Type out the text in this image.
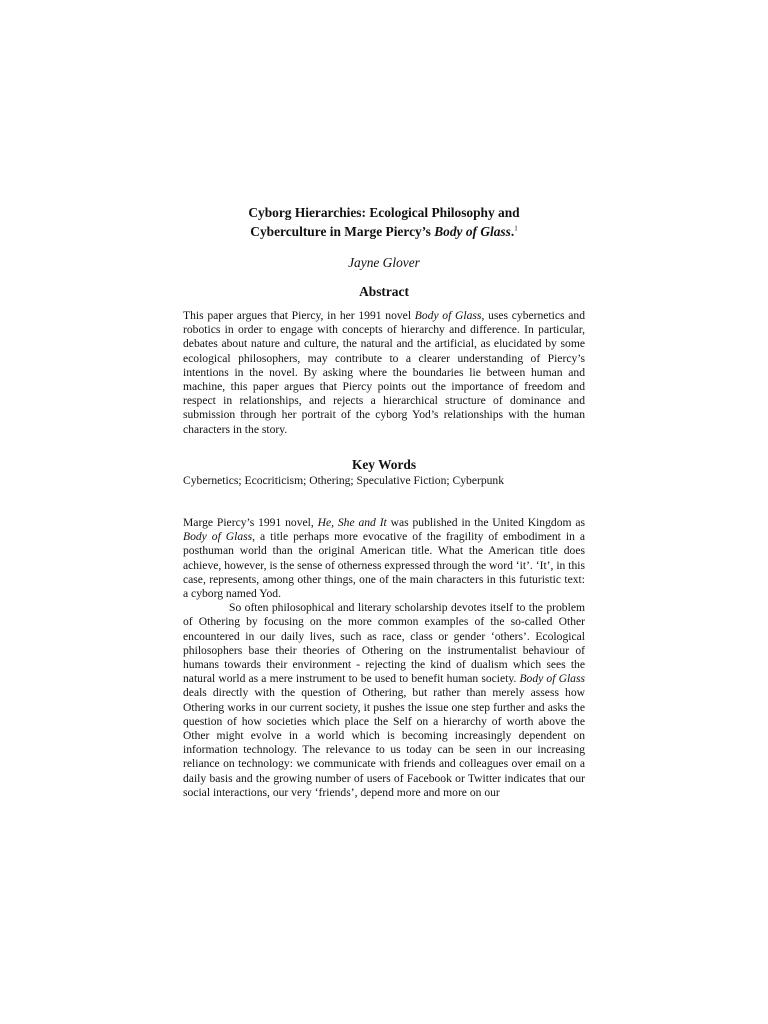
Cyborg Hierarchies: Ecological Philosophy and
Cyberculture in Marge Piercy’s Body of Glass.$^1$

Jayne Glover

Abstract

This paper argues that Piercy, in her 1991 novel Body of Glass, uses cybernetics and robotics in order to engage with concepts of hierarchy and difference. In particular, debates about nature and culture, the natural and the artificial, as elucidated by some ecological philosophers, may contribute to a clearer understanding of Piercy’s intentions in the novel. By asking where the boundaries lie between human and machine, this paper argues that Piercy points out the importance of freedom and respect in relationships, and rejects a hierarchical structure of dominance and submission through her portrait of the cyborg Yod’s relationships with the human characters in the story.

Key Words

Cybernetics; Ecocriticism; Othering; Speculative Fiction; Cyberpunk

Marge Piercy’s 1991 novel, He, She and It was published in the United Kingdom as Body of Glass, a title perhaps more evocative of the fragility of embodiment in a posthuman world than the original American title. What the American title does achieve, however, is the sense of otherness expressed through the word ‘it’. ‘It’, in this case, represents, among other things, one of the main characters in this futuristic text: a cyborg named Yod.

So often philosophical and literary scholarship devotes itself to the problem of Othering by focusing on the more common examples of the so-called Other encountered in our daily lives, such as race, class or gender ‘others’. Ecological philosophers base their theories of Othering on the instrumentalist behaviour of humans towards their environment - rejecting the kind of dualism which sees the natural world as a mere instrument to be used to benefit human society. Body of Glass deals directly with the question of Othering, but rather than merely assess how Othering works in our current society, it pushes the issue one step further and asks the question of how societies which place the Self on a hierarchy of worth above the Other might evolve in a world which is becoming increasingly dependent on information technology. The relevance to us today can be seen in our increasing reliance on technology: we communicate with friends and colleagues over email on a daily basis and the growing number of users of Facebook or Twitter indicates that our social interactions, our very ‘friends’, depend more and more on our
